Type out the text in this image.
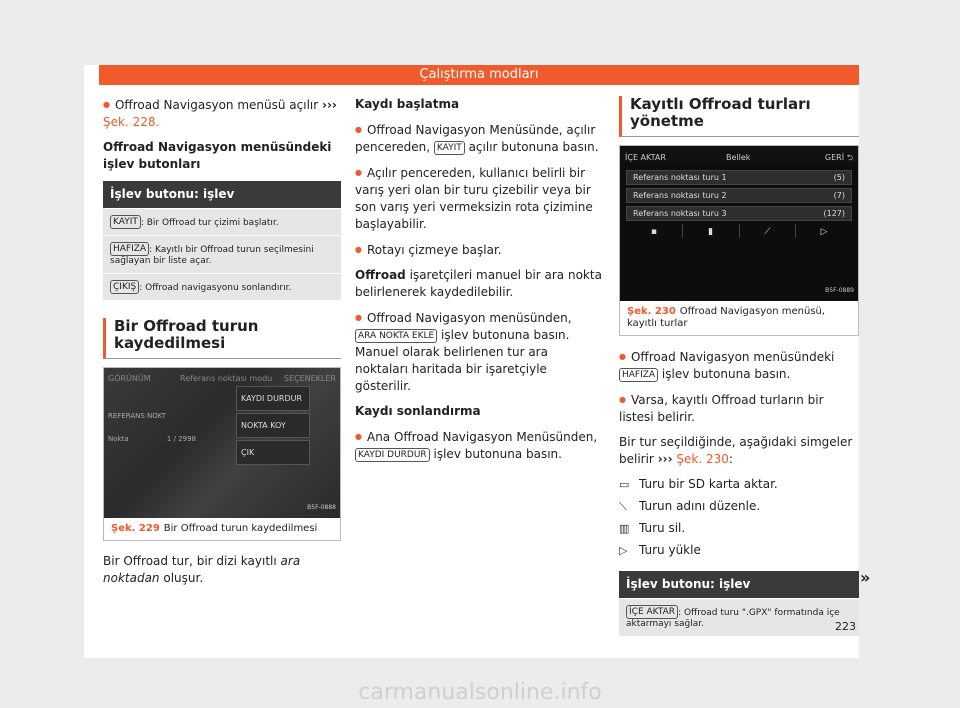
Çalıştırma modları

● Offroad Navigasyon menüsü açılır ››› Şek. 228.

Offroad Navigasyon menüsündeki işlev butonları

İşlev butonu: işlev
KAYIT : Bir Offroad tur çizimi başlatır.
HAFIZA : Kayıtlı bir Offroad turun seçilmesini sağlayan bir liste açar.
ÇIKIŞ : Offroad navigasyonu sonlandırır.
Bir Offroad turun kaydedilmesi
GÖRÜNÜM	Referans noktası modu SEÇENEKLER
REFERANS NOKT
Nokta	1 / 2998
KAYDI DURDUR
NOKTA KOY
ÇIK
B5F-0888
Şek. 229 Bir Offroad turun kaydedilmesi

Bir Offroad tur, bir dizi kayıtlı ara noktadan oluşur.

Kaydı başlatma

● Offroad Navigasyon Menüsünde, açılır pencereden, KAYIT açılır butonuna basın.

● Açılır pencereden, kullanıcı belirli bir varış yeri olan bir turu çizebilir veya bir son varış yeri vermeksizin rota çizimine başlayabilir.

● Rotayı çizmeye başlar.

Offroad işaretçileri manuel bir ara nokta belirlenerek kaydedilebilir.

● Offroad Navigasyon menüsünden, ARA NOKTA EKLE işlev butonuna basın. Manuel olarak belirlenen tur ara noktaları haritada bir işaretçiyle gösterilir.

Kaydı sonlandırma

● Ana Offroad Navigasyon Menüsünden, KAYDI DURDUR işlev butonuna basın.

Kayıtlı Offroad turları yönetme
İÇE AKTAR	Bellek	GERİ ⮌
Referans noktası turu 1	(5)
Referans noktası turu 2	(7)
Referans noktası turu 3	(127)
▪	▮	⟋	▷
B5F-0889
Şek. 230 Offroad Navigasyon menüsü, kayıtlı turlar

● Offroad Navigasyon menüsündeki HAFIZA işlev butonuna basın.

● Varsa, kayıtlı Offroad turların bir listesi belirir.

Bir tur seçildiğinde, aşağıdaki simgeler belirir ››› Şek. 230:

▭ Turu bir SD karta aktar.
⟍	Turun adını düzenle.
▥ Turu sil.
▷ Turu yükle
İşlev butonu: işlev
İÇE AKTAR : Offroad turu ".GPX" formatında içe aktarmayı sağlar.
»
223
carmanualsonline.info
